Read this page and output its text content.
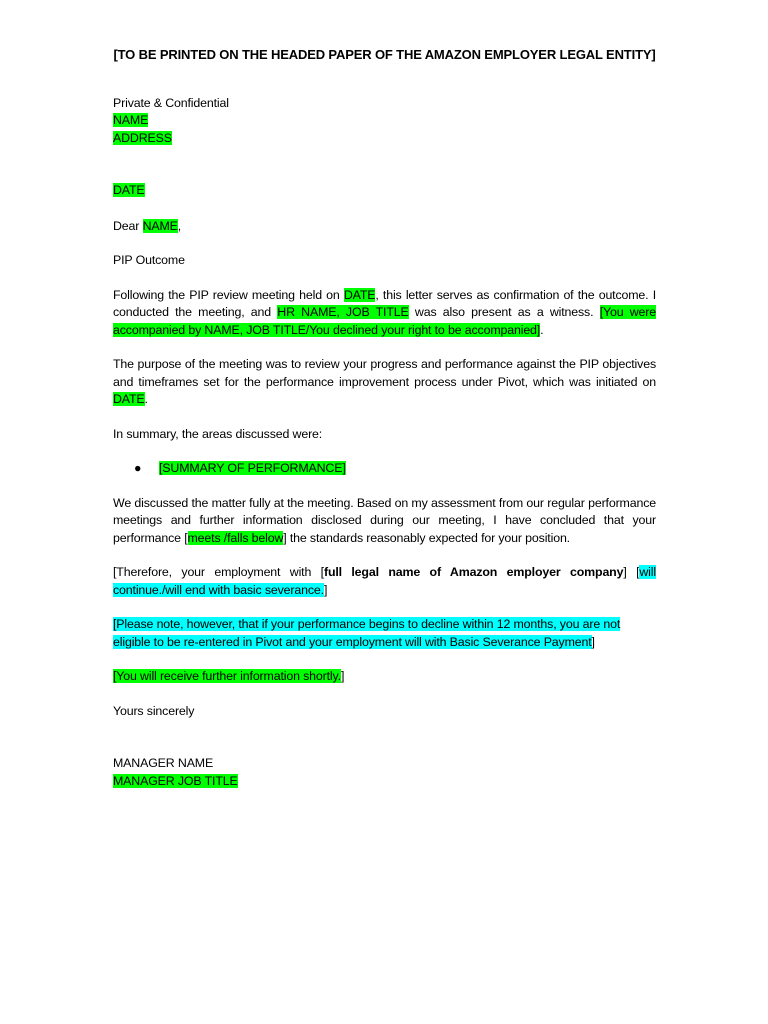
[TO BE PRINTED ON THE HEADED PAPER OF THE AMAZON EMPLOYER LEGAL ENTITY]

Private & Confidential

NAME

ADDRESS

DATE

Dear NAME,

PIP Outcome

Following the PIP review meeting held on DATE, this letter serves as confirmation of the outcome. I conducted the meeting, and HR NAME, JOB TITLE was also present as a witness. [You were accompanied by NAME, JOB TITLE/You declined your right to be accompanied].

The purpose of the meeting was to review your progress and performance against the PIP objectives and timeframes set for the performance improvement process under Pivot, which was initiated on DATE.

In summary, the areas discussed were:

● [SUMMARY OF PERFORMANCE]

We discussed the matter fully at the meeting. Based on my assessment from our regular performance meetings and further information disclosed during our meeting, I have concluded that your performance [meets /falls below] the standards reasonably expected for your position.

[Therefore, your employment with [full legal name of Amazon employer company] [will continue./will end with basic severance.]

[Please note, however, that if your performance begins to decline within 12 months, you are not eligible to be re-entered in Pivot and your employment will with Basic Severance Payment]

[You will receive further information shortly.]

Yours sincerely

MANAGER NAME

MANAGER JOB TITLE
